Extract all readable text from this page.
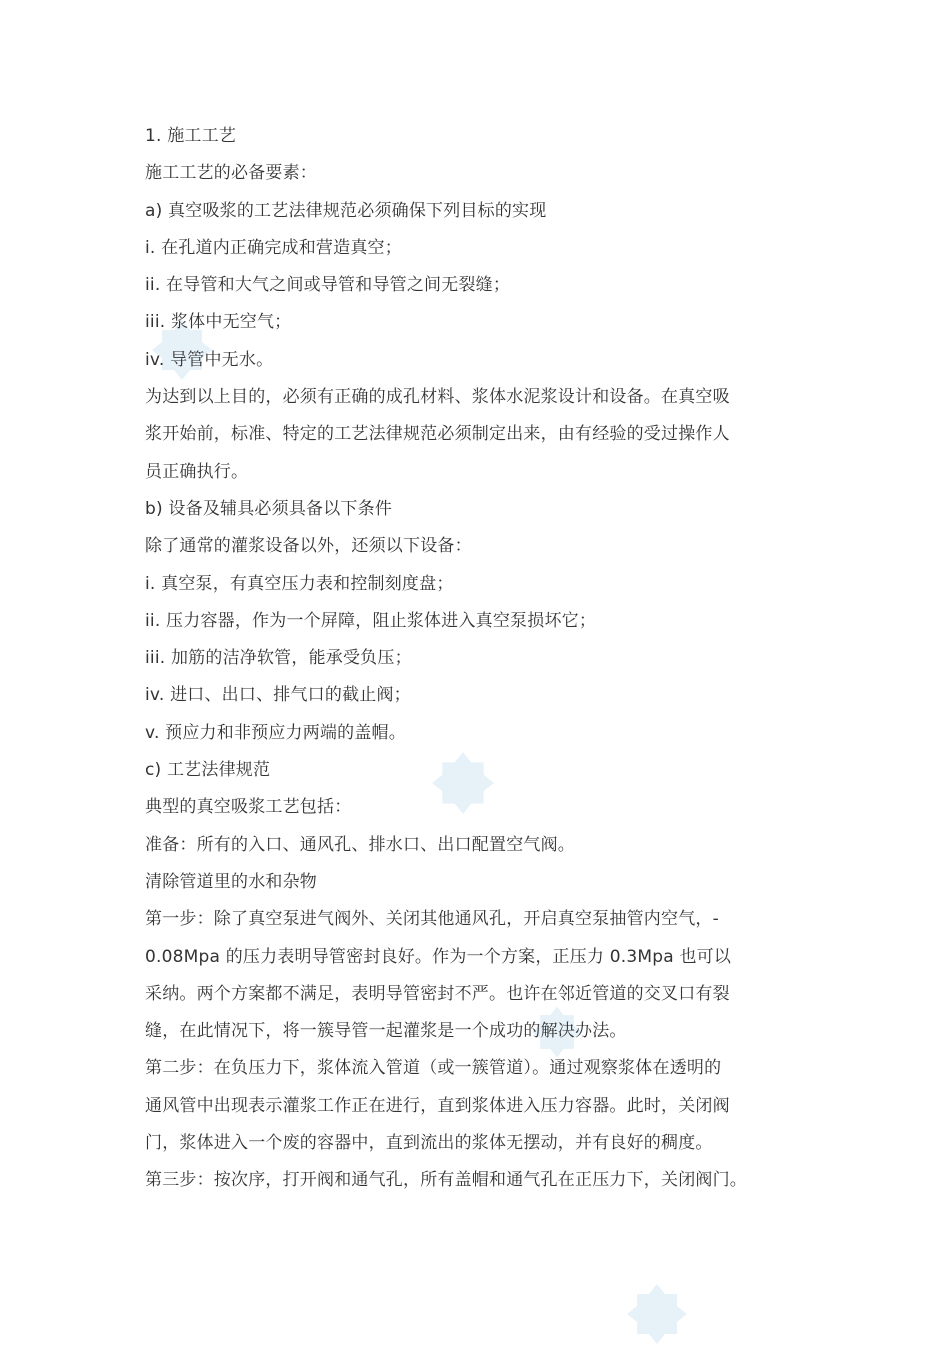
1. 施工工艺
施工工艺的必备要素：
a) 真空吸浆的工艺法律规范必须确保下列目标的实现
i. 在孔道内正确完成和营造真空；
ii. 在导管和大气之间或导管和导管之间无裂缝；
iii. 浆体中无空气；
iv. 导管中无水。
为达到以上目的，必须有正确的成孔材料、浆体水泥浆设计和设备。在真空吸
浆开始前，标准、特定的工艺法律规范必须制定出来，由有经验的受过操作人
员正确执行。
b) 设备及辅具必须具备以下条件
除了通常的灌浆设备以外，还须以下设备：
i. 真空泵，有真空压力表和控制刻度盘；
ii. 压力容器，作为一个屏障，阻止浆体进入真空泵损坏它；
iii. 加筋的洁净软管，能承受负压；
iv. 进口、出口、排气口的截止阀；
v. 预应力和非预应力两端的盖帽。
c) 工艺法律规范
典型的真空吸浆工艺包括：
准备：所有的入口、通风孔、排水口、出口配置空气阀。
清除管道里的水和杂物
第一步：除了真空泵进气阀外、关闭其他通风孔，开启真空泵抽管内空气，-
0.08Mpa 的压力表明导管密封良好。作为一个方案，正压力 0.3Mpa 也可以
采纳。两个方案都不满足，表明导管密封不严。也许在邻近管道的交叉口有裂
缝，在此情况下，将一簇导管一起灌浆是一个成功的解决办法。
第二步：在负压力下，浆体流入管道（或一簇管道）。通过观察浆体在透明的
通风管中出现表示灌浆工作正在进行，直到浆体进入压力容器。此时，关闭阀
门，浆体进入一个废的容器中，直到流出的浆体无摆动，并有良好的稠度。
第三步：按次序，打开阀和通气孔，所有盖帽和通气孔在正压力下，关闭阀门。
